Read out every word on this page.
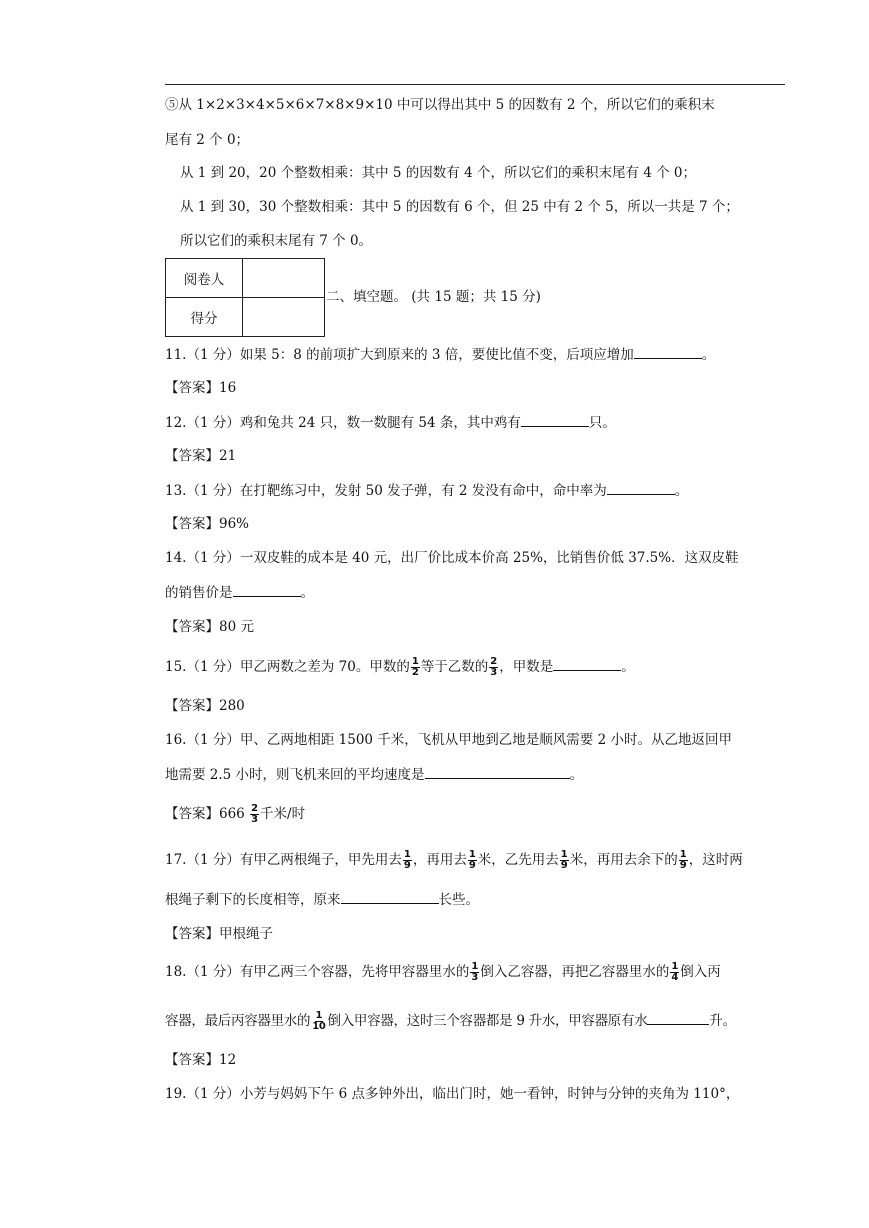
⑤从 1×2×3×4×5×6×7×8×9×10 中可以得出其中 5 的因数有 2 个，所以它们的乘积末
尾有 2 个 0；
从 1 到 20，20 个整数相乘：其中 5 的因数有 4 个，所以它们的乘积末尾有 4 个 0；
从 1 到 30，30 个整数相乘：其中 5 的因数有 6 个，但 25 中有 2 个 5，所以一共是 7 个；
所以它们的乘积末尾有 7 个 0。
阅卷人	
得分	
二、填空题。 (共 15 题；共 15 分)
11.（1 分）如果 5：8 的前项扩大到原来的 3 倍，要使比值不变，后项应增加	。
【答案】16
12.（1 分）鸡和兔共 24 只，数一数腿有 54 条，其中鸡有	只。
【答案】21
13.（1 分）在打靶练习中，发射 50 发子弹，有 2 发没有命中，命中率为	。
【答案】96%
14.（1 分）一双皮鞋的成本是 40 元，出厂价比成本价高 25%，比销售价低 37.5%．这双皮鞋
的销售价是	。
【答案】80 元
15.（1 分）甲乙两数之差为 70。甲数的 $\frac{1}{2}$ 等于乙数的 $\frac{2}{3}$ ，甲数是	。
【答案】280
16.（1 分）甲、乙两地相距 1500 千米，飞机从甲地到乙地是顺风需要 2 小时。从乙地返回甲
地需要 2.5 小时，则飞机来回的平均速度是	。
【答案】$666 \frac{2}{3}$ 千米/时
17.（1 分）有甲乙两根绳子，甲先用去 $\frac{1}{9}$ ，再用去 $\frac{1}{9}$ 米，乙先用去 $\frac{1}{9}$ 米，再用去余下的 $\frac{1}{9}$ ，这时两
根绳子剩下的长度相等，原来	长些。
【答案】甲根绳子
18.（1 分）有甲乙两三个容器，先将甲容器里水的 $\frac{1}{3}$ 倒入乙容器，再把乙容器里水的 $\frac{1}{4}$ 倒入丙
容器，最后丙容器里水的 $\frac{1}{10}$ 倒入甲容器，这时三个容器都是 9 升水，甲容器原有水	升。
【答案】12
19.（1 分）小芳与妈妈下午 6 点多钟外出，临出门时，她一看钟，时钟与分钟的夹角为 110°，
